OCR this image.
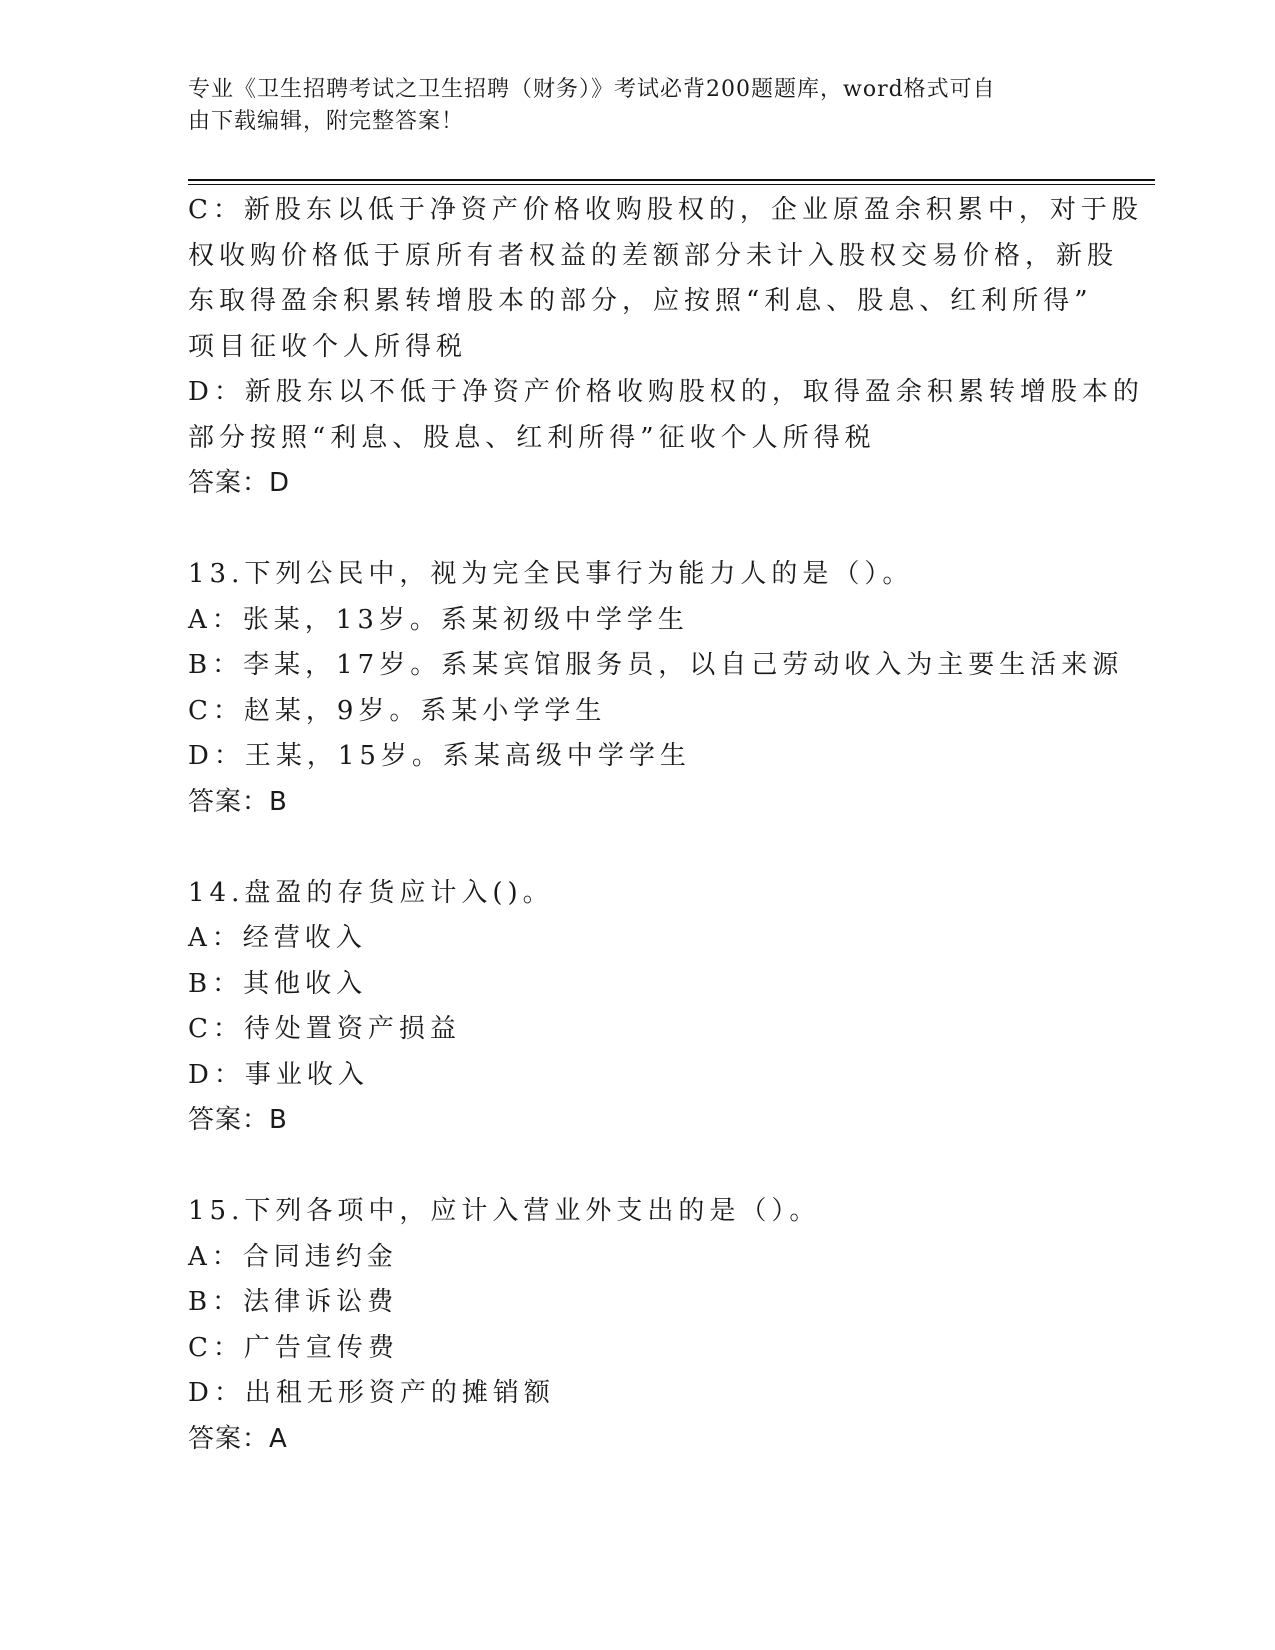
专业《卫生招聘考试之卫生招聘（财务）》考试必背200题题库，word格式可自
由下载编辑，附完整答案！
C：新股东以低于净资产价格收购股权的，企业原盈余积累中，对于股
权收购价格低于原所有者权益的差额部分未计入股权交易价格，新股
东取得盈余积累转增股本的部分，应按照“利息、股息、红利所得”
项目征收个人所得税
D：新股东以不低于净资产价格收购股权的，取得盈余积累转增股本的
部分按照“利息、股息、红利所得”征收个人所得税
答案：D
13.下列公民中，视为完全民事行为能力人的是（）。
A：张某，13岁。系某初级中学学生
B：李某，17岁。系某宾馆服务员，以自己劳动收入为主要生活来源
C：赵某，9岁。系某小学学生
D：王某，15岁。系某高级中学学生
答案：B
14.盘盈的存货应计入()。
A：经营收入
B：其他收入
C：待处置资产损益
D：事业收入
答案：B
15.下列各项中，应计入营业外支出的是（）。
A：合同违约金
B：法律诉讼费
C：广告宣传费
D：出租无形资产的摊销额
答案：A
